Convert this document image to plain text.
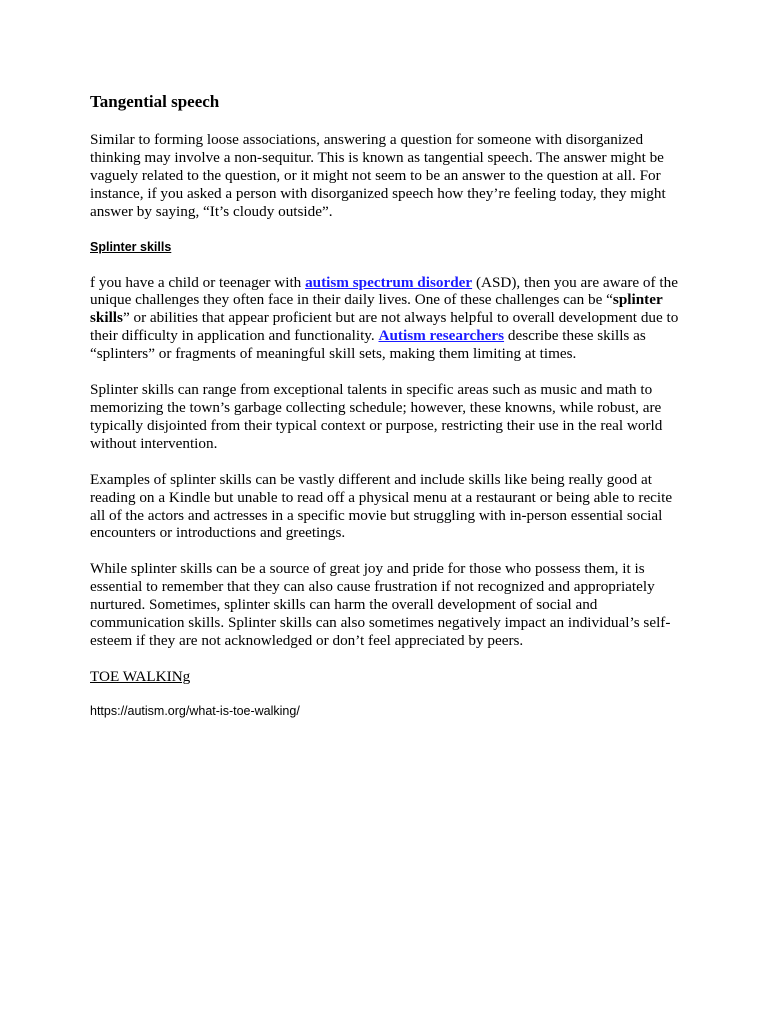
Tangential speech

Similar to forming loose associations, answering a question for someone with disorganized thinking may involve a non-sequitur. This is known as tangential speech. The answer might be vaguely related to the question, or it might not seem to be an answer to the question at all. For instance, if you asked a person with disorganized speech how they’re feeling today, they might answer by saying, “It’s cloudy outside”.

Splinter skills

f you have a child or teenager with autism spectrum disorder (ASD), then you are aware of the unique challenges they often face in their daily lives. One of these challenges can be “splinter skills” or abilities that appear proficient but are not always helpful to overall development due to their difficulty in application and functionality. Autism researchers describe these skills as “splinters” or fragments of meaningful skill sets, making them limiting at times.

Splinter skills can range from exceptional talents in specific areas such as music and math to memorizing the town’s garbage collecting schedule; however, these knowns, while robust, are typically disjointed from their typical context or purpose, restricting their use in the real world without intervention.

Examples of splinter skills can be vastly different and include skills like being really good at reading on a Kindle but unable to read off a physical menu at a restaurant or being able to recite all of the actors and actresses in a specific movie but struggling with in-person essential social encounters or introductions and greetings.

While splinter skills can be a source of great joy and pride for those who possess them, it is essential to remember that they can also cause frustration if not recognized and appropriately nurtured. Sometimes, splinter skills can harm the overall development of social and communication skills. Splinter skills can also sometimes negatively impact an individual’s self-esteem if they are not acknowledged or don’t feel appreciated by peers.

TOE WALKINg

https://autism.org/what-is-toe-walking/
